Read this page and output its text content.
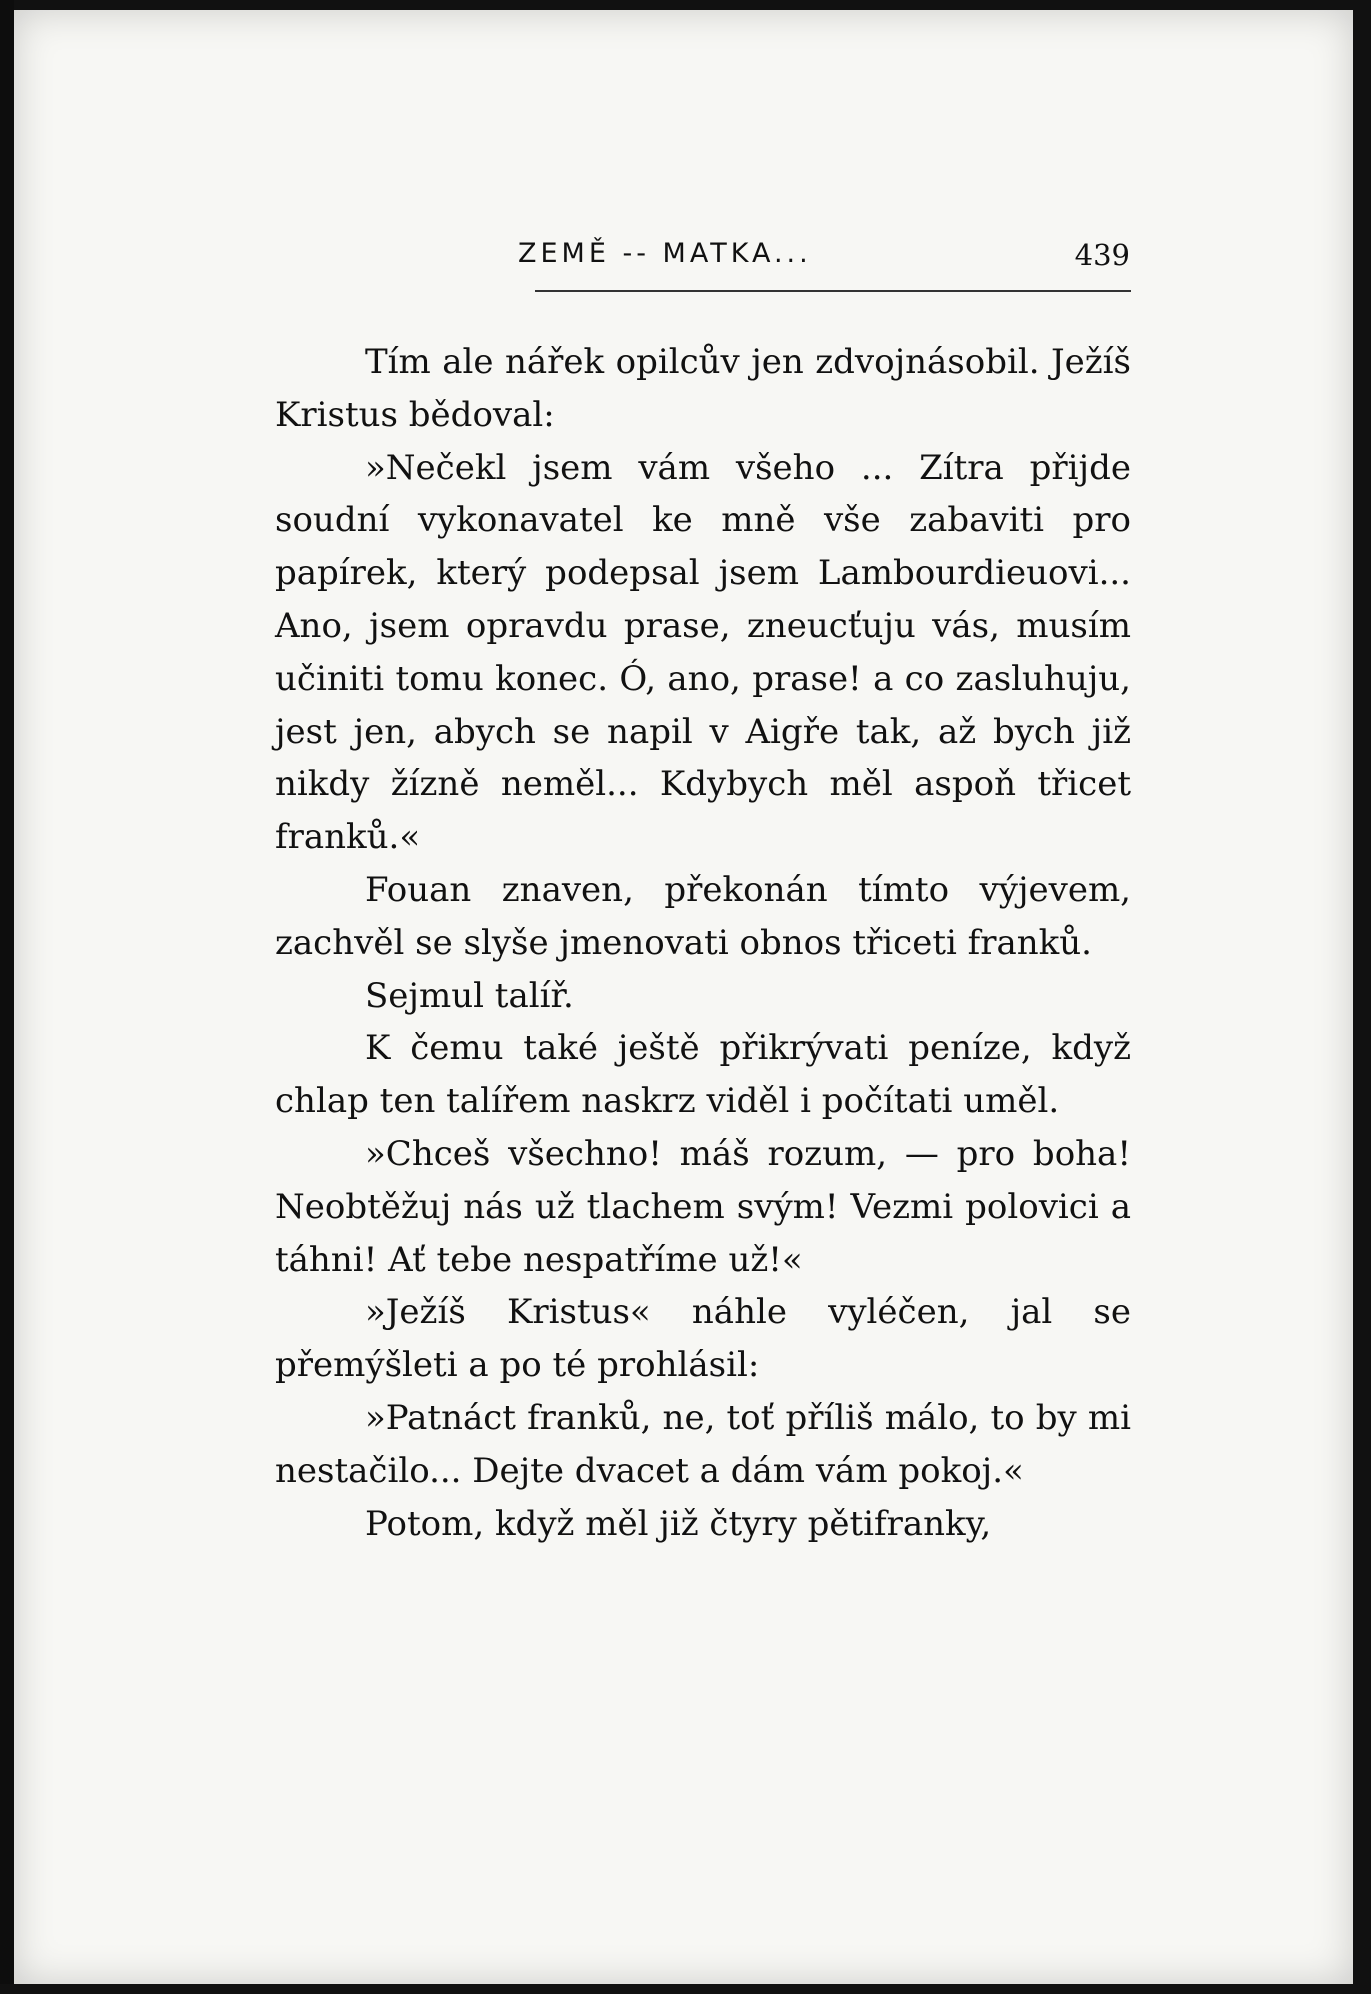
ZEMĚ -- MATKA...	439

Tím ale nářek opilcův jen zdvojnásobil. Ježíš Kristus bědoval:

»Nečekl jsem vám všeho ... Zítra přijde soudní vykonavatel ke mně vše zabaviti pro papírek, který podepsal jsem Lambourdieuovi... Ano, jsem opravdu prase, zneucťuju vás, musím učiniti tomu konec. Ó, ano, prase! a co zasluhuju, jest jen, abych se napil v Aigře tak, až bych již nikdy žízně neměl... Kdybych měl aspoň třicet franků.«

Fouan znaven, překonán tímto výjevem, zachvěl se slyše jmenovati obnos třiceti franků.

Sejmul talíř.

K čemu také ještě přikrývati peníze, když chlap ten talířem naskrz viděl i počítati uměl.

»Chceš všechno! máš rozum, — pro boha! Neobtěžuj nás už tlachem svým! Vezmi polovici a táhni! Ať tebe nespatříme už!«

»Ježíš Kristus« náhle vyléčen, jal se přemýšleti a po té prohlásil:

»Patnáct franků, ne, toť příliš málo, to by mi nestačilo... Dejte dvacet a dám vám pokoj.«

Potom, když měl již čtyry pětifranky,
